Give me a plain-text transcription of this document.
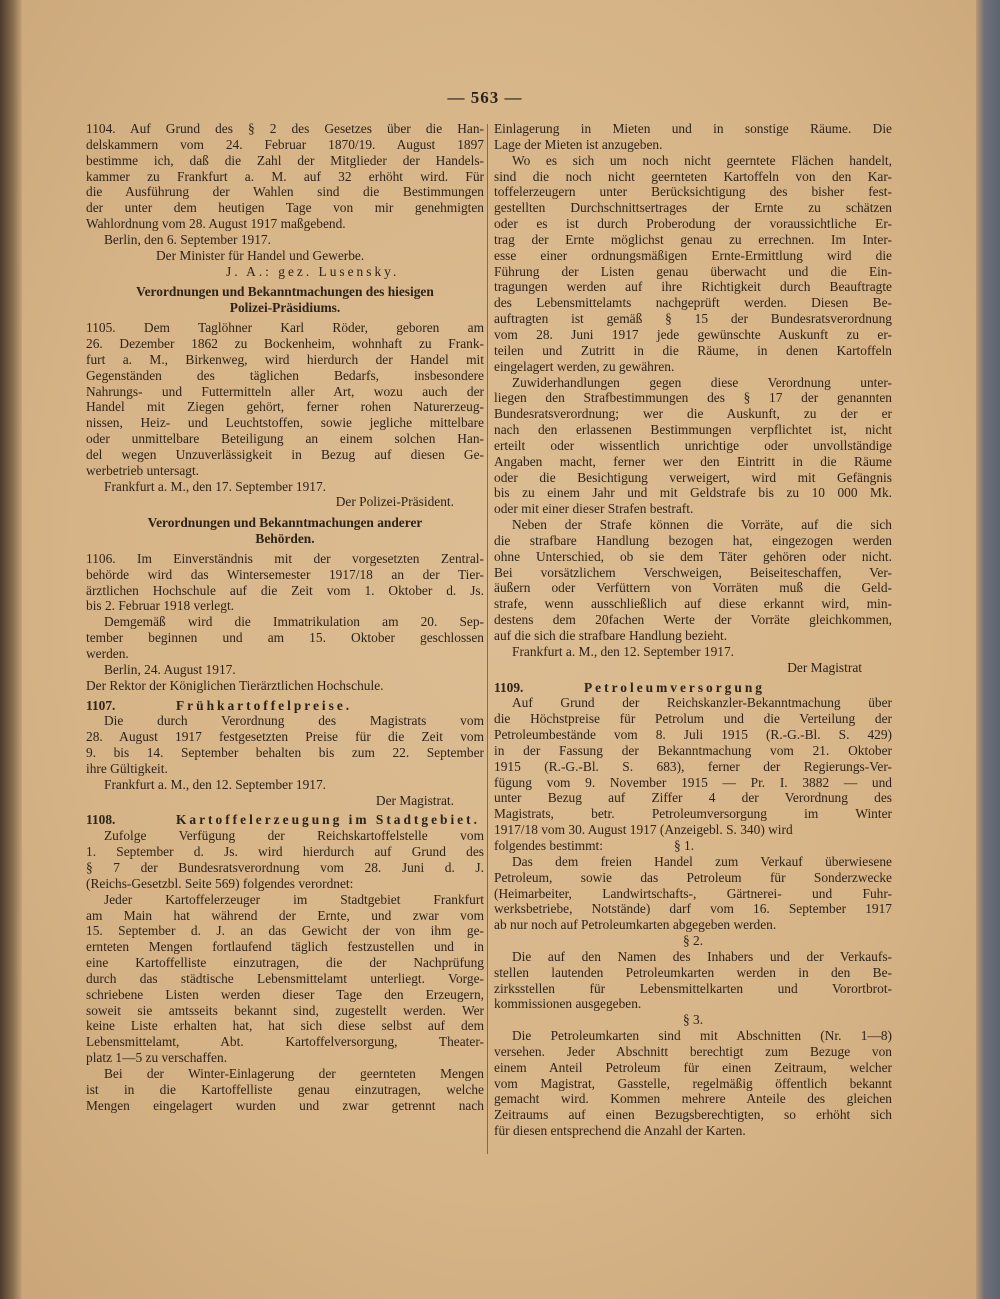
— 563 —
1104. Auf Grund des § 2 des Gesetzes über die Han-
delskammern vom 24. Februar 1870/19. August 1897
bestimme ich, daß die Zahl der Mitglieder der Handels-
kammer zu Frankfurt a. M. auf 32 erhöht wird. Für
die Ausführung der Wahlen sind die Bestimmungen
der unter dem heutigen Tage von mir genehmigten
Wahlordnung vom 28. August 1917 maßgebend.
Berlin, den 6. September 1917.
Der Minister für Handel und Gewerbe.
J. A.: gez. Lusensky.
Verordnungen und Bekanntmachungen des hiesigen
Polizei-Präsidiums.
1105. Dem Taglöhner Karl Röder, geboren am
26. Dezember 1862 zu Bockenheim, wohnhaft zu Frank-
furt a. M., Birkenweg, wird hierdurch der Handel mit
Gegenständen des täglichen Bedarfs, insbesondere
Nahrungs- und Futtermitteln aller Art, wozu auch der
Handel mit Ziegen gehört, ferner rohen Naturerzeug-
nissen, Heiz- und Leuchtstoffen, sowie jegliche mittelbare
oder unmittelbare Beteiligung an einem solchen Han-
del wegen Unzuverlässigkeit in Bezug auf diesen Ge-
werbetrieb untersagt.
Frankfurt a. M., den 17. September 1917.
Der Polizei-Präsident.
Verordnungen und Bekanntmachungen anderer
Behörden.
1106. Im Einverständnis mit der vorgesetzten Zentral-
behörde wird das Wintersemester 1917/18 an der Tier-
ärztlichen Hochschule auf die Zeit vom 1. Oktober d. Js.
bis 2. Februar 1918 verlegt.
Demgemäß wird die Immatrikulation am 20. Sep-
tember beginnen und am 15. Oktober geschlossen
werden.
Berlin, 24. August 1917.
Der Rektor der Königlichen Tierärztlichen Hochschule.
1107.	Frühkartoffelpreise.
Die durch Verordnung des Magistrats vom
28. August 1917 festgesetzten Preise für die Zeit vom
9. bis 14. September behalten bis zum 22. September
ihre Gültigkeit.
Frankfurt a. M., den 12. September 1917.
Der Magistrat.
1108.	Kartoffelerzeugung im Stadtgebiet.
Zufolge Verfügung der Reichskartoffelstelle vom
1. September d. Js. wird hierdurch auf Grund des
§ 7 der Bundesratsverordnung vom 28. Juni d. J.
(Reichs-Gesetzbl. Seite 569) folgendes verordnet:
Jeder Kartoffelerzeuger im Stadtgebiet Frankfurt
am Main hat während der Ernte, und zwar vom
15. September d. J. an das Gewicht der von ihm ge-
ernteten Mengen fortlaufend täglich festzustellen und in
eine Kartoffelliste einzutragen, die der Nachprüfung
durch das städtische Lebensmittelamt unterliegt. Vorge-
schriebene Listen werden dieser Tage den Erzeugern,
soweit sie amtsseits bekannt sind, zugestellt werden. Wer
keine Liste erhalten hat, hat sich diese selbst auf dem
Lebensmittelamt, Abt. Kartoffelversorgung, Theater-
platz 1—5 zu verschaffen.
Bei der Winter-Einlagerung der geernteten Mengen
ist in die Kartoffelliste genau einzutragen, welche
Mengen eingelagert wurden und zwar getrennt nach
Einlagerung in Mieten und in sonstige Räume. Die
Lage der Mieten ist anzugeben.
Wo es sich um noch nicht geerntete Flächen handelt,
sind die noch nicht geernteten Kartoffeln von den Kar-
toffelerzeugern unter Berücksichtigung des bisher fest-
gestellten Durchschnittsertrages der Ernte zu schätzen
oder es ist durch Proberodung der voraussichtliche Er-
trag der Ernte möglichst genau zu errechnen. Im Inter-
esse einer ordnungsmäßigen Ernte-Ermittlung wird die
Führung der Listen genau überwacht und die Ein-
tragungen werden auf ihre Richtigkeit durch Beauftragte
des Lebensmittelamts nachgeprüft werden. Diesen Be-
auftragten ist gemäß § 15 der Bundesratsverordnung
vom 28. Juni 1917 jede gewünschte Auskunft zu er-
teilen und Zutritt in die Räume, in denen Kartoffeln
eingelagert werden, zu gewähren.
Zuwiderhandlungen gegen diese Verordnung unter-
liegen den Strafbestimmungen des § 17 der genannten
Bundesratsverordnung; wer die Auskunft, zu der er
nach den erlassenen Bestimmungen verpflichtet ist, nicht
erteilt oder wissentlich unrichtige oder unvollständige
Angaben macht, ferner wer den Eintritt in die Räume
oder die Besichtigung verweigert, wird mit Gefängnis
bis zu einem Jahr und mit Geldstrafe bis zu 10 000 Mk.
oder mit einer dieser Strafen bestraft.
Neben der Strafe können die Vorräte, auf die sich
die strafbare Handlung bezogen hat, eingezogen werden
ohne Unterschied, ob sie dem Täter gehören oder nicht.
Bei vorsätzlichem Verschweigen, Beiseiteschaffen, Ver-
äußern oder Verfüttern von Vorräten muß die Geld-
strafe, wenn ausschließlich auf diese erkannt wird, min-
destens dem 20fachen Werte der Vorräte gleichkommen,
auf die sich die strafbare Handlung bezieht.
Frankfurt a. M., den 12. September 1917.
Der Magistrat
1109.	Petroleumversorgung
Auf Grund der Reichskanzler-Bekanntmachung über
die Höchstpreise für Petrolum und die Verteilung der
Petroleumbestände vom 8. Juli 1915 (R.-G.-Bl. S. 429)
in der Fassung der Bekanntmachung vom 21. Oktober
1915 (R.-G.-Bl. S. 683), ferner der Regierungs-Ver-
fügung vom 9. November 1915 — Pr. I. 3882 — und
unter Bezug auf Ziffer 4 der Verordnung des
Magistrats, betr. Petroleumversorgung im Winter
1917/18 vom 30. August 1917 (Anzeigebl. S. 340) wird
folgendes bestimmt:	§ 1.
Das dem freien Handel zum Verkauf überwiesene
Petroleum, sowie das Petroleum für Sonderzwecke
(Heimarbeiter, Landwirtschafts-, Gärtnerei- und Fuhr-
werksbetriebe, Notstände) darf vom 16. September 1917
ab nur noch auf Petroleumkarten abgegeben werden.
§ 2.
Die auf den Namen des Inhabers und der Verkaufs-
stellen lautenden Petroleumkarten werden in den Be-
zirksstellen für Lebensmittelkarten und Vorortbrot-
kommissionen ausgegeben.
§ 3.
Die Petroleumkarten sind mit Abschnitten (Nr. 1—8)
versehen. Jeder Abschnitt berechtigt zum Bezuge von
einem Anteil Petroleum für einen Zeitraum, welcher
vom Magistrat, Gasstelle, regelmäßig öffentlich bekannt
gemacht wird. Kommen mehrere Anteile des gleichen
Zeitraums auf einen Bezugsberechtigten, so erhöht sich
für diesen entsprechend die Anzahl der Karten.
